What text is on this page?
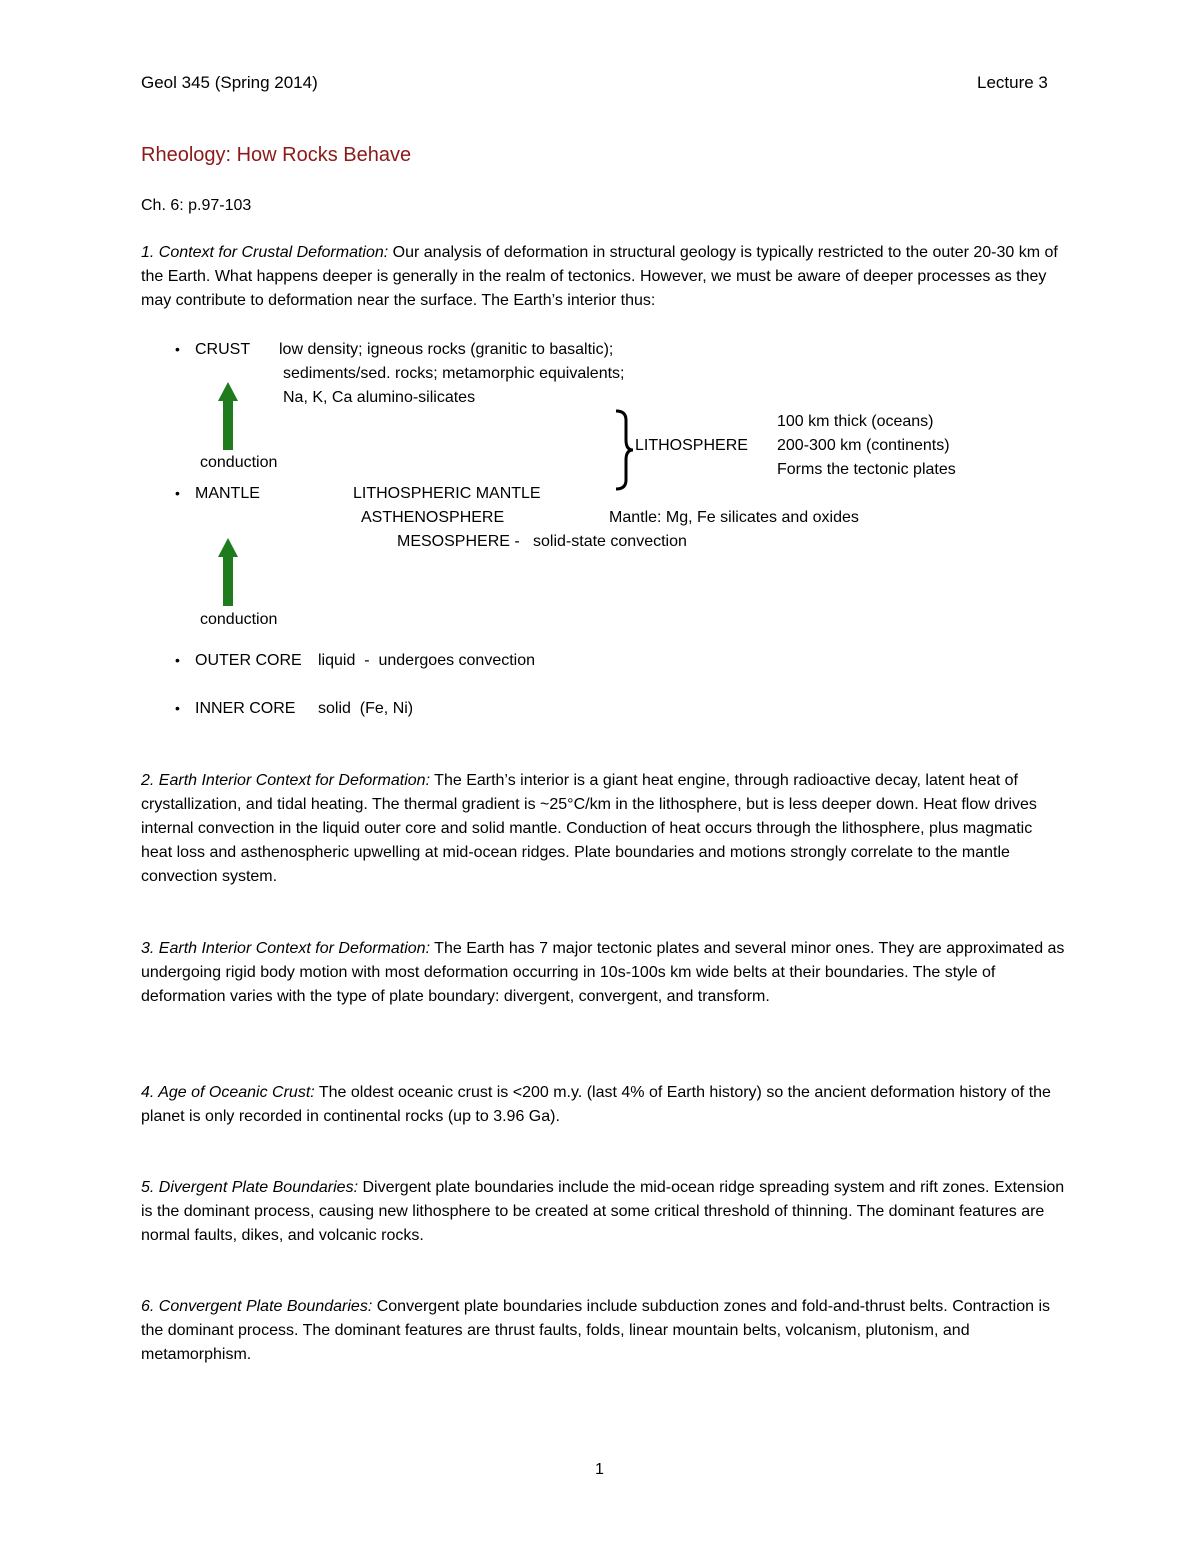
Geol 345 (Spring 2014)	Lecture 3
Rheology: How Rocks Behave
Ch. 6: p.97-103
1. Context for Crustal Deformation: Our analysis of deformation in structural geology is typically restricted to the outer 20-30 km of the Earth. What happens deeper is generally in the realm of tectonics. However, we must be aware of deeper processes as they may contribute to deformation near the surface. The Earth’s interior thus:
• CRUST low density; igneous rocks (granitic to basaltic);
sediments/sed. rocks; metamorphic equivalents;
Na, K, Ca alumino-silicates
conduction
LITHOSPHERE
100 km thick (oceans)
200-300 km (continents)
Forms the tectonic plates
• MANTLE	LITHOSPHERIC MANTLE
ASTHENOSPHERE	Mantle: Mg, Fe silicates and oxides
MESOSPHERE -   solid-state convection
conduction
• OUTER CORE liquid  -  undergoes convection
• INNER CORE solid  (Fe, Ni)
2. Earth Interior Context for Deformation: The Earth’s interior is a giant heat engine, through radioactive decay, latent heat of crystallization, and tidal heating. The thermal gradient is ~25°C/km in the lithosphere, but is less deeper down. Heat flow drives internal convection in the liquid outer core and solid mantle. Conduction of heat occurs through the lithosphere, plus magmatic heat loss and asthenospheric upwelling at mid-ocean ridges. Plate boundaries and motions strongly correlate to the mantle convection system.
3. Earth Interior Context for Deformation: The Earth has 7 major tectonic plates and several minor ones. They are approximated as undergoing rigid body motion with most deformation occurring in 10s-100s km wide belts at their boundaries. The style of deformation varies with the type of plate boundary: divergent, convergent, and transform.
4. Age of Oceanic Crust: The oldest oceanic crust is <200 m.y. (last 4% of Earth history) so the ancient deformation history of the planet is only recorded in continental rocks (up to 3.96 Ga).
5. Divergent Plate Boundaries: Divergent plate boundaries include the mid-ocean ridge spreading system and rift zones. Extension is the dominant process, causing new lithosphere to be created at some critical threshold of thinning. The dominant features are normal faults, dikes, and volcanic rocks.
6. Convergent Plate Boundaries: Convergent plate boundaries include subduction zones and fold-and-thrust belts. Contraction is the dominant process. The dominant features are thrust faults, folds, linear mountain belts, volcanism, plutonism, and metamorphism.
1
